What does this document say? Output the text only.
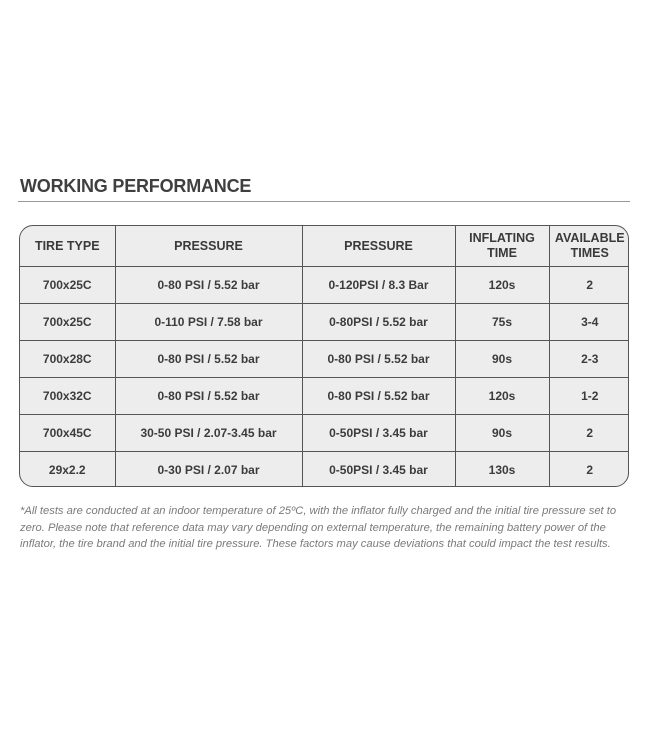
WORKING PERFORMANCE
TIRE TYPE	PRESSURE	PRESSURE	INFLATING TIME	AVAILABLE TIMES
700x25C	0-80 PSI / 5.52 bar	0-120PSI / 8.3 Bar	120s	2
700x25C	0-110 PSI / 7.58 bar	0-80PSI / 5.52 bar	75s	3-4
700x28C	0-80 PSI / 5.52 bar	0-80 PSI / 5.52 bar	90s	2-3
700x32C	0-80 PSI / 5.52 bar	0-80 PSI / 5.52 bar	120s	1-2
700x45C	30-50 PSI / 2.07-3.45 bar	0-50PSI / 3.45 bar	90s	2
29x2.2	0-30 PSI / 2.07 bar	0-50PSI / 3.45 bar	130s	2
*All tests are conducted at an indoor temperature of 25ºC, with the inflator fully charged and the initial tire pressure set to zero. Please note that reference data may vary depending on external temperature, the remaining battery power of the inflator, the tire brand and the initial tire pressure. These factors may cause deviations that could impact the test results.
